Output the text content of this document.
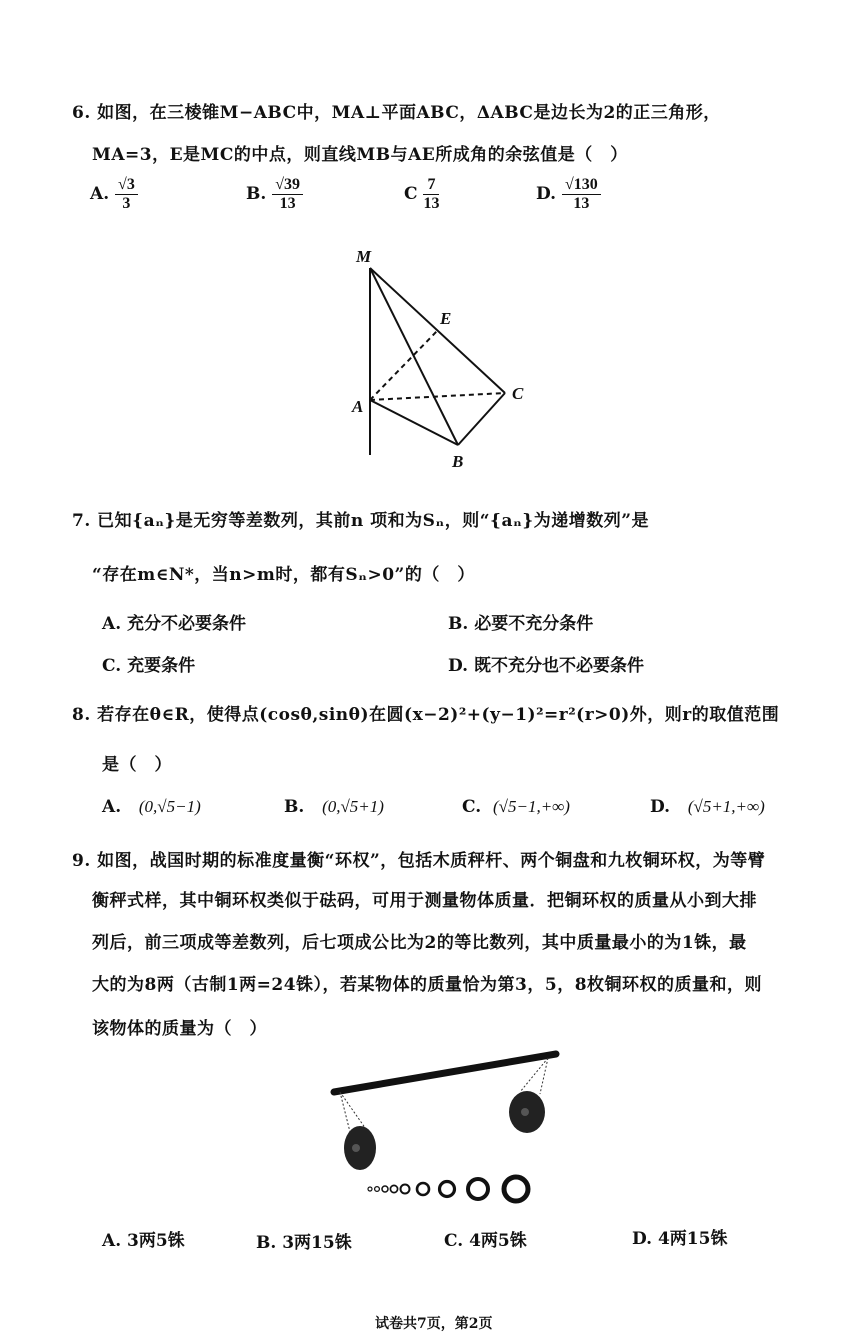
6. 如图，在三棱锥M−ABC中，MA⊥平面ABC，ΔABC是边长为2的正三角形，
MA=3，E是MC的中点，则直线MB与AE所成角的余弦值是（　）
A. $\frac{√3}{3}$	B. $\frac{√39}{13}$	C $\frac{7}{13}$	D. $\frac{√130}{13}$
M
E
A
C
B
7. 已知{aₙ}是无穷等差数列，其前n 项和为Sₙ，则“{aₙ}为递增数列”是
“存在m∈N*，当n>m时，都有Sₙ>0”的（　）
A. 充分不必要条件	B. 必要不充分条件
C. 充要条件	D. 既不充分也不必要条件
8. 若存在θ∈R，使得点(cosθ,sinθ)在圆(x−2)²+(y−1)²=r²(r>0)外，则r的取值范围
是（　）
A. (0,√5−1)	B. (0,√5+1)	C. (√5−1,+∞)	D. (√5+1,+∞)
9. 如图，战国时期的标准度量衡“环权”，包括木质秤杆、两个铜盘和九枚铜环权，为等臂
衡秤式样，其中铜环权类似于砝码，可用于测量物体质量．把铜环权的质量从小到大排
列后，前三项成等差数列，后七项成公比为2的等比数列，其中质量最小的为1铢，最
大的为8两（古制1两=24铢），若某物体的质量恰为第3，5，8枚铜环权的质量和，则
该物体的质量为（　）
A. 3两5铢	B. 3两15铢	C. 4两5铢	D. 4两15铢
试卷共7页，第2页
